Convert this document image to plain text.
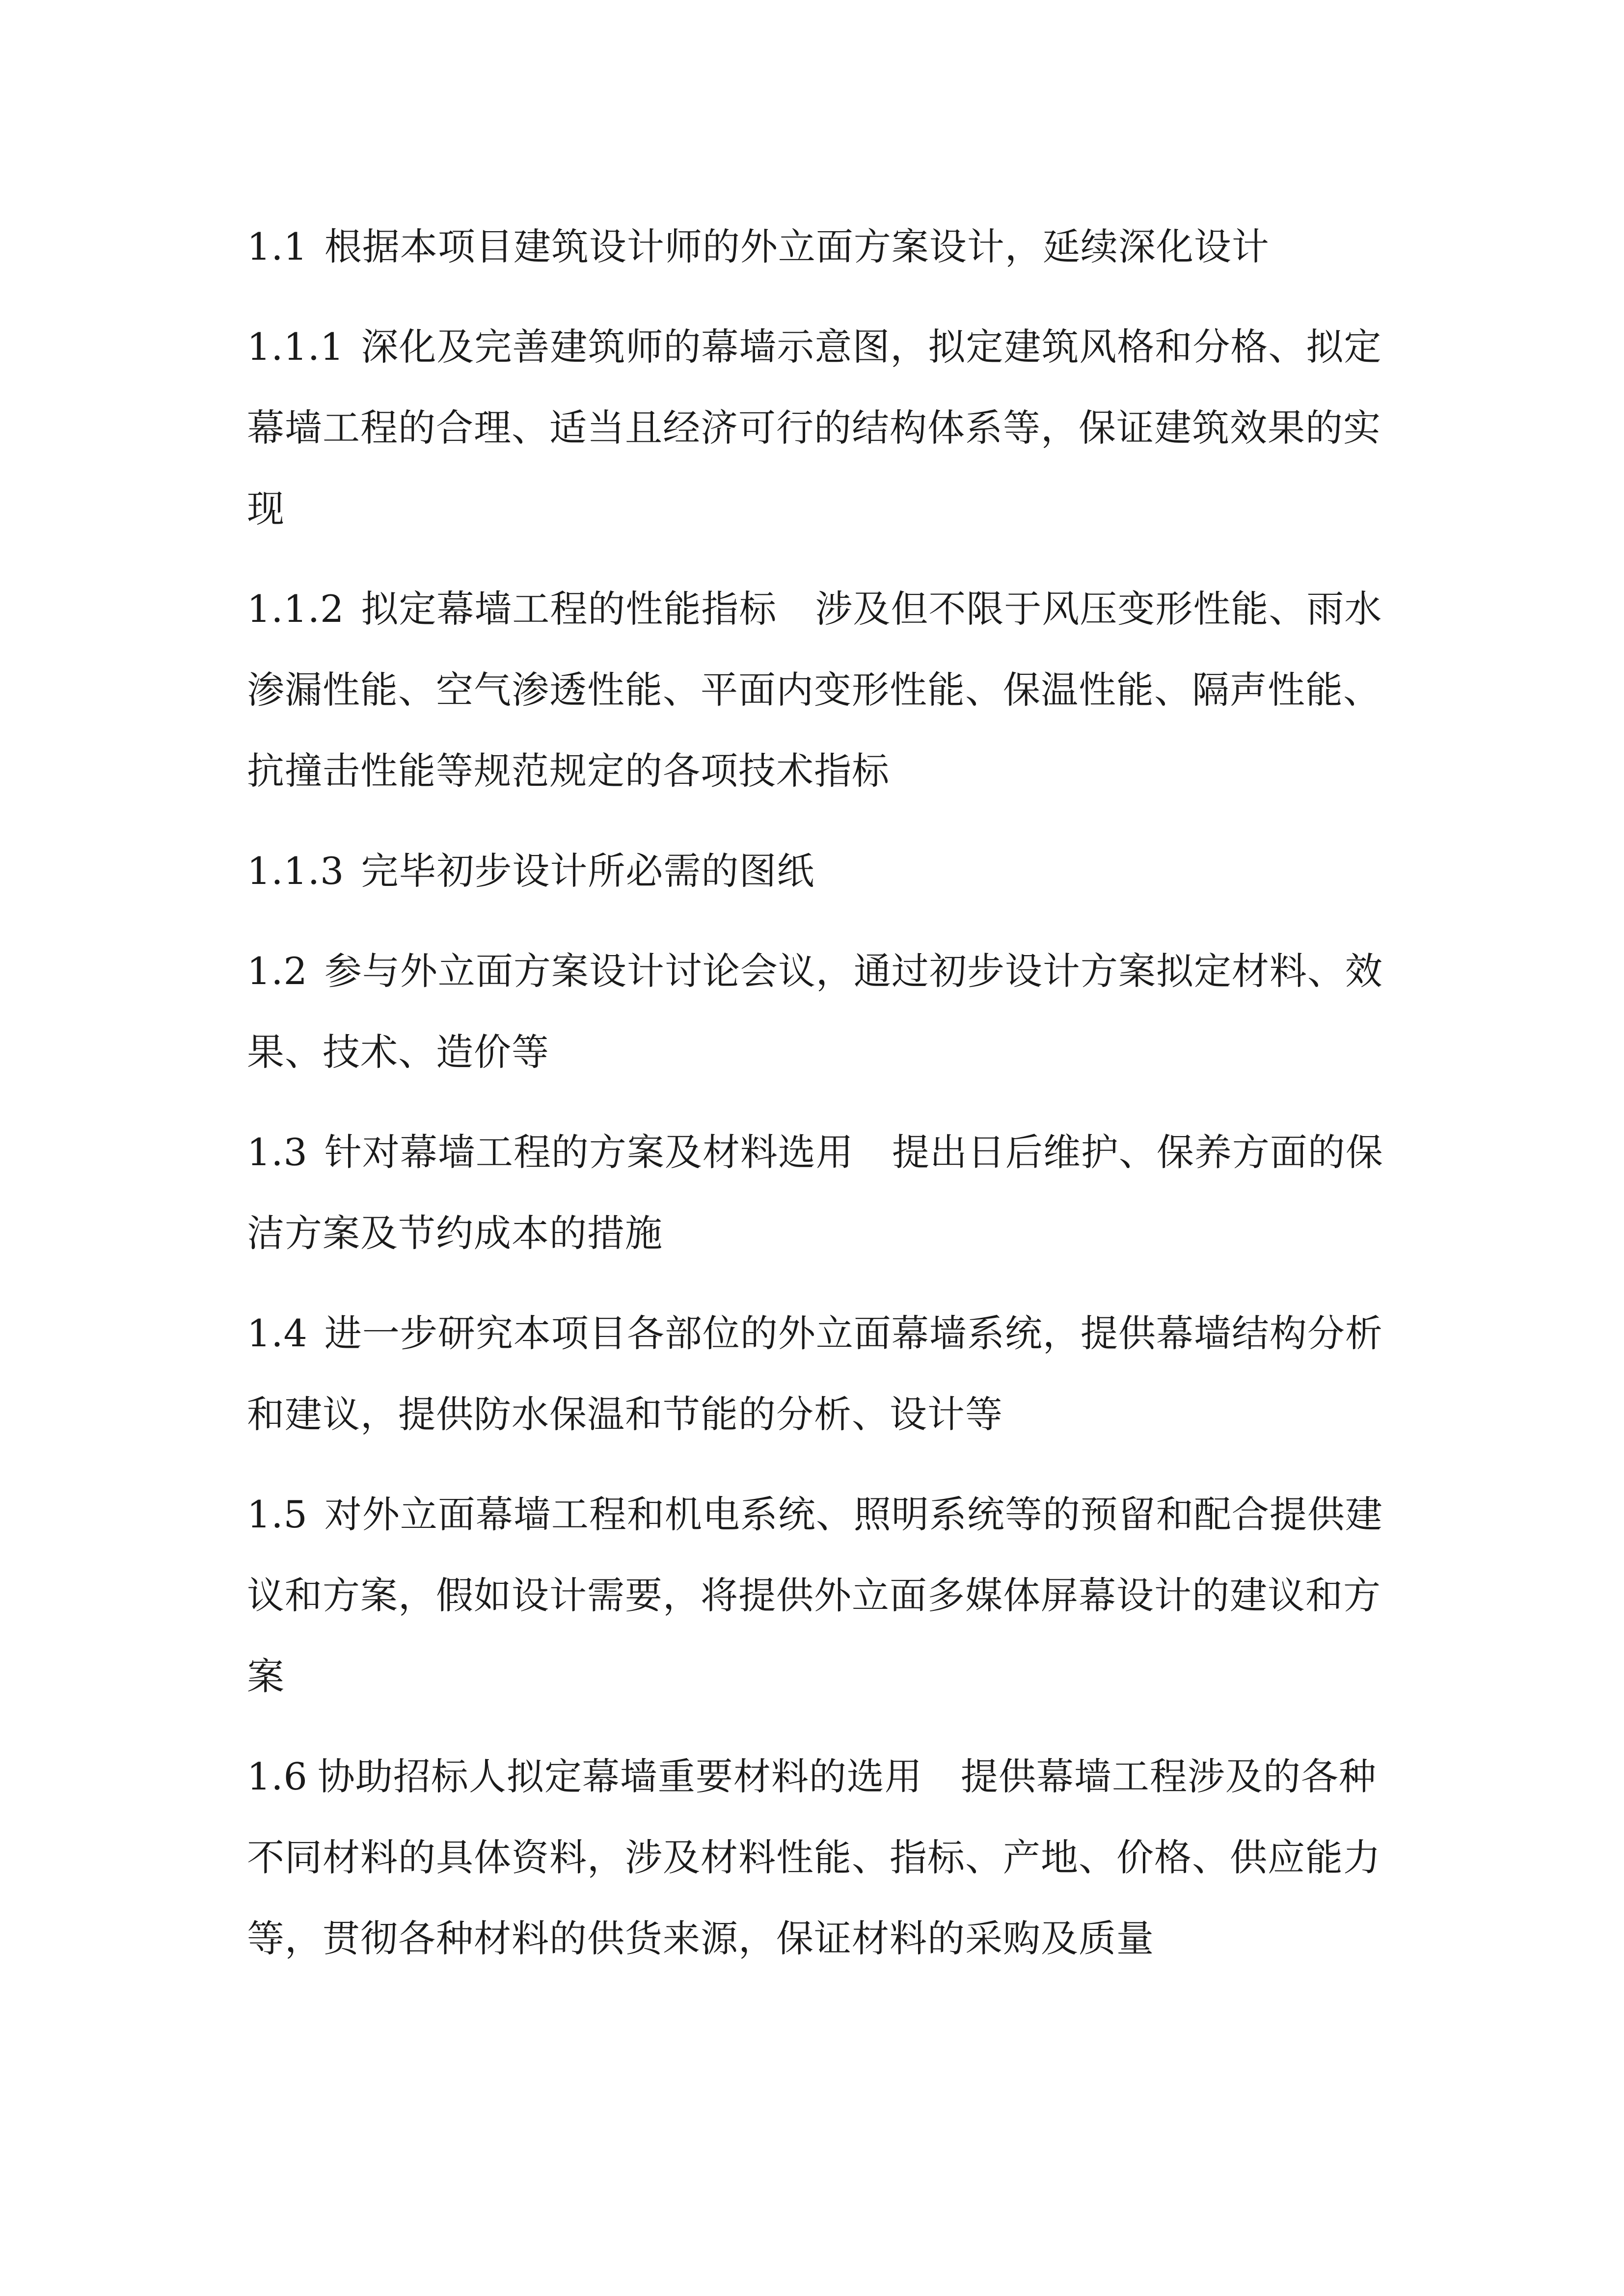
1.1 根据本项目建筑设计师的外立面方案设计，延续深化设计

1.1.1 深化及完善建筑师的幕墙示意图，拟定建筑风格和分格、拟定幕墙工程的合理、适当且经济可行的结构体系等，保证建筑效果的实现

1.1.2 拟定幕墙工程的性能指标 涉及但不限于风压变形性能、雨水渗漏性能、空气渗透性能、平面内变形性能、保温性能、隔声性能、抗撞击性能等规范规定的各项技术指标

1.1.3 完毕初步设计所必需的图纸

1.2 参与外立面方案设计讨论会议，通过初步设计方案拟定材料、效果、技术、造价等

1.3 针对幕墙工程的方案及材料选用 提出日后维护、保养方面的保洁方案及节约成本的措施

1.4 进一步研究本项目各部位的外立面幕墙系统，提供幕墙结构分析和建议，提供防水保温和节能的分析、设计等

1.5 对外立面幕墙工程和机电系统、照明系统等的预留和配合提供建议和方案，假如设计需要，将提供外立面多媒体屏幕设计的建议和方案

1.6 协助招标人拟定幕墙重要材料的选用 提供幕墙工程涉及的各种不同材料的具体资料，涉及材料性能、指标、产地、价格、供应能力等，贯彻各种材料的供货来源，保证材料的采购及质量
